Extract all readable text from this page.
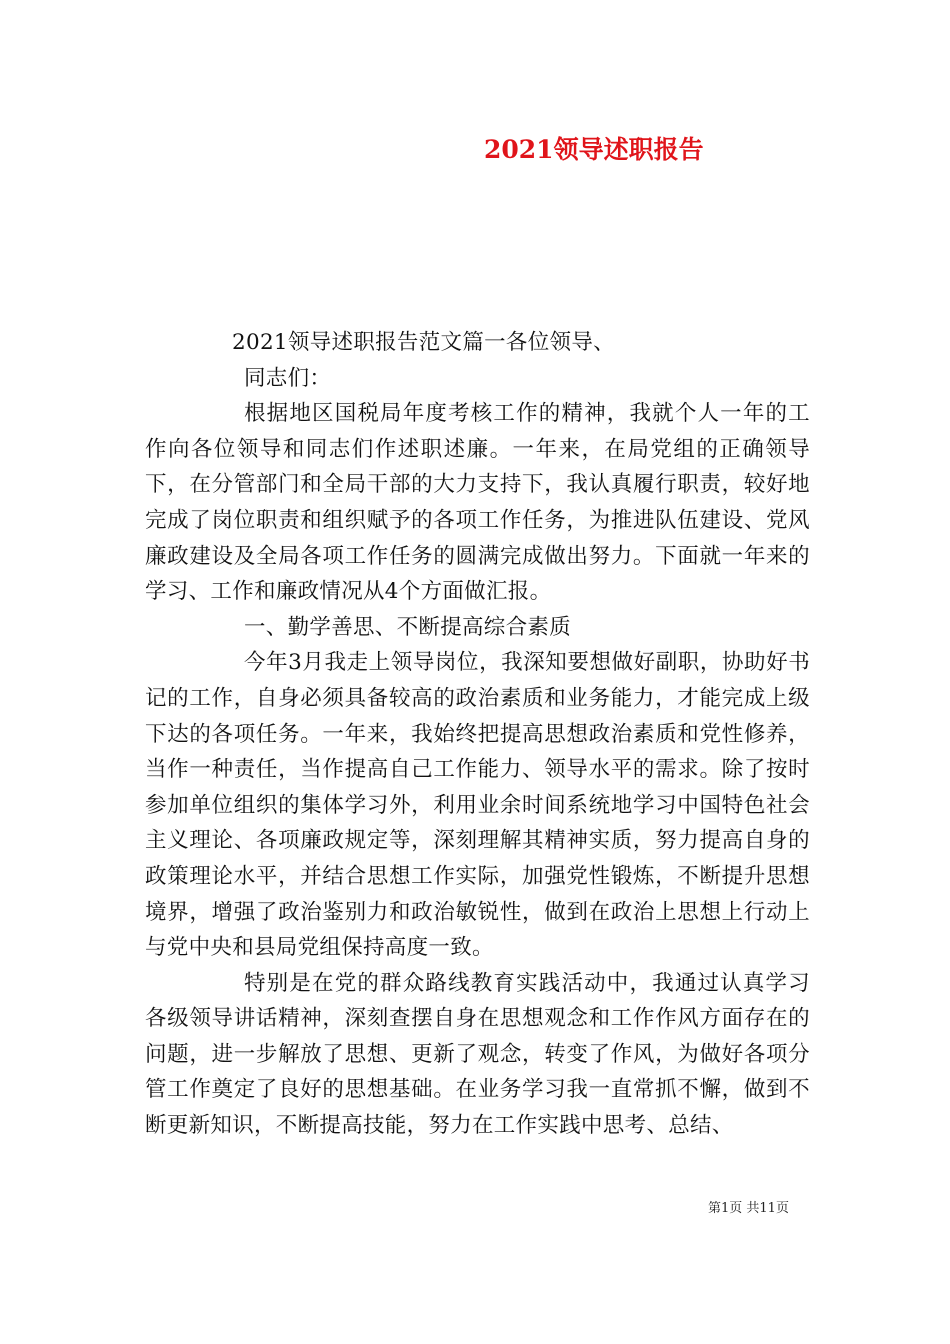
2021领导述职报告

2021领导述职报告范文篇一各位领导、

同志们：

根据地区国税局年度考核工作的精神，我就个人一年的工作向各位领导和同志们作述职述廉。一年来，在局党组的正确领导下，在分管部门和全局干部的大力支持下，我认真履行职责，较好地完成了岗位职责和组织赋予的各项工作任务，为推进队伍建设、党风廉政建设及全局各项工作任务的圆满完成做出努力。下面就一年来的学习、工作和廉政情况从4个方面做汇报。

一、勤学善思、不断提高综合素质

今年3月我走上领导岗位，我深知要想做好副职，协助好书记的工作，自身必须具备较高的政治素质和业务能力，才能完成上级下达的各项任务。一年来，我始终把提高思想政治素质和党性修养，当作一种责任，当作提高自己工作能力、领导水平的需求。除了按时参加单位组织的集体学习外，利用业余时间系统地学习中国特色社会主义理论、各项廉政规定等，深刻理解其精神实质，努力提高自身的政策理论水平，并结合思想工作实际，加强党性锻炼，不断提升思想境界，增强了政治鉴别力和政治敏锐性，做到在政治上思想上行动上与党中央和县局党组保持高度一致。

特别是在党的群众路线教育实践活动中，我通过认真学习各级领导讲话精神，深刻查摆自身在思想观念和工作作风方面存在的问题，进一步解放了思想、更新了观念，转变了作风，为做好各项分管工作奠定了良好的思想基础。在业务学习我一直常抓不懈，做到不断更新知识，不断提高技能，努力在工作实践中思考、总结、

第1页 共11页
